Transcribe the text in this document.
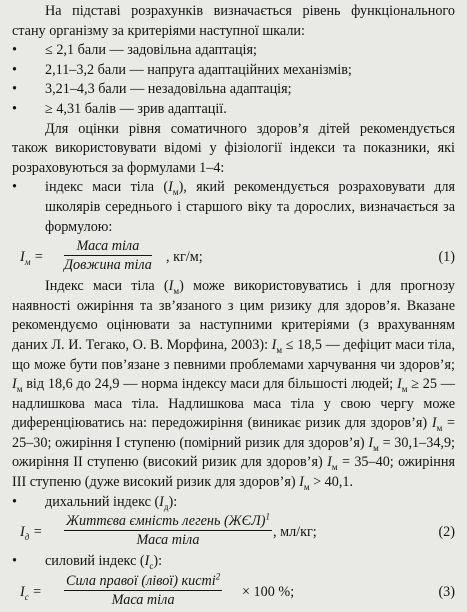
На підставі розрахунків визначається рівень функціонального стану організму за критеріями наступної шкали:

• ≤ 2,1 бали — задовільна адаптація;
• 2,11–3,2 бали — напруга адаптаційних механізмів;
• 3,21–4,3 бали — незадовільна адаптація;
• ≥ 4,31 балів — зрив адаптації.

Для оцінки рівня соматичного здоров’я дітей рекомендується також використовувати відомі у фізіології індекси та показники, які розраховуються за формулами 1–4:

• індекс маси тіла $(I_м)$, який рекомендується розраховувати для школярів середнього і старшого віку та дорослих, визначається за формулою:
$I_м$ =
Маса тіла
Довжина тіла , кг/м;	(1)

Індекс маси тіла $(I_м)$ може використовуватись і для прогнозу наявності ожиріння та зв’язаного з цим ризику для здоров’я. Вказане рекомендуємо оцінювати за наступними критеріями (з врахуванням даних Л. И. Тегако, О. В. Морфина, 2003): $I_м \le 18,5$ — дефіцит маси тіла, що може бути пов’язане з певними проблемами харчування чи здоров’я; $I_м$ від 18,6 до 24,9 — норма індексу маси для більшості людей; $I_м \ge 25$ — надлишкова маса тіла. Надлишкова маса тіла у свою чергу може диференціюватись на: передожиріння (виникає ризик для здоров’я) $I_м = 25-30$; ожиріння I ступеню (помірний ризик для здоров’я) $I_м = 30,1-34,9$; ожиріння II ступеню (високий ризик для здоров’я) $I_м = 35-40$; ожиріння III ступеню (дуже високий ризик для здоров’я) $I_м > 40,1$.

• дихальний індекс $(I_д)$:
$I_д$ =
Життєва ємність легень (ЖЄЛ)$^1$
Маса тіла	, мл/кг;	(2)
• силовий індекс $(I_с)$:
$I_с$ =
Сила правої (лівої) кисті$^2$
Маса тіла	× 100 %;	(3)
